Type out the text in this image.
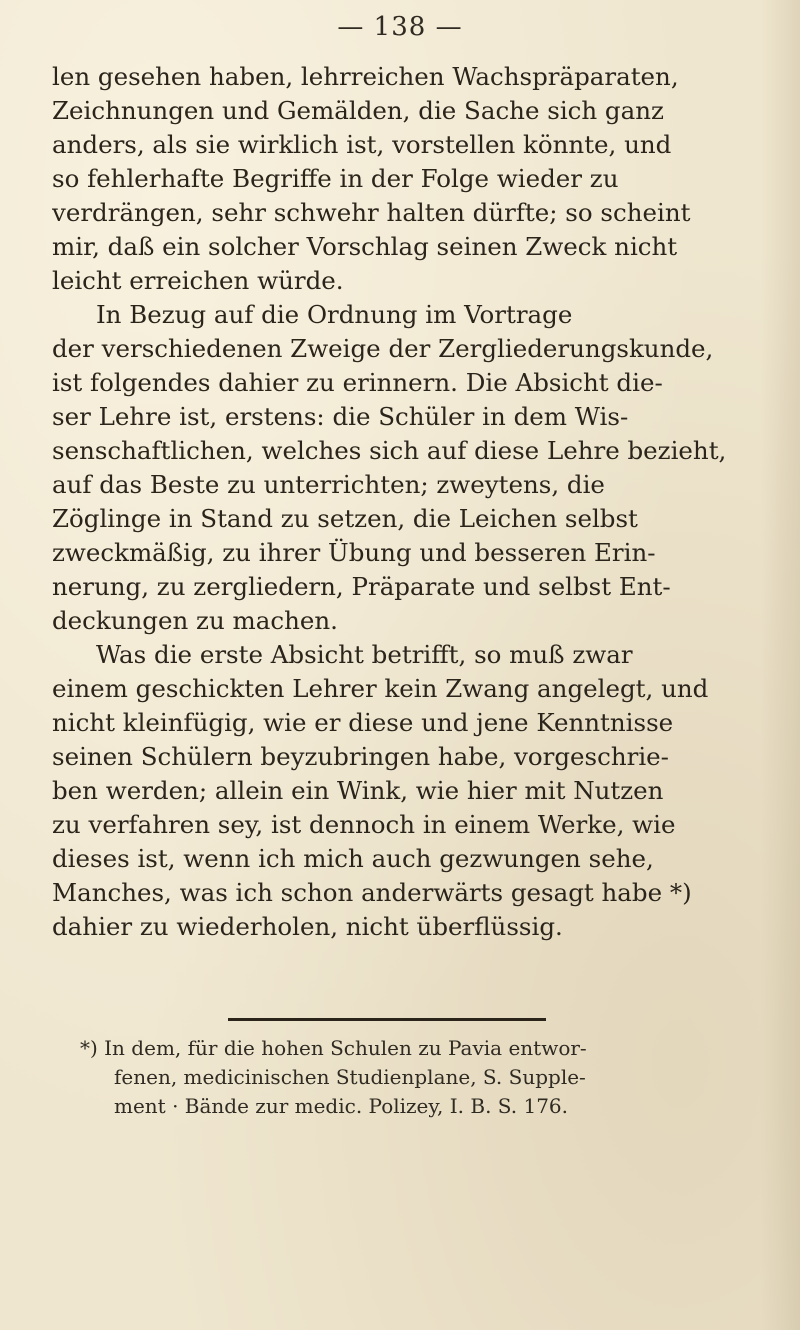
— 138 —

len gesehen haben, lehrreichen Wachspräparaten,
Zeichnungen und Gemälden, die Sache sich ganz
anders, als sie wirklich ist, vorstellen könnte, und
so fehlerhafte Begriffe in der Folge wieder zu
verdrängen, sehr schwehr halten dürfte; so scheint
mir, daß ein solcher Vorschlag seinen Zweck nicht
leicht erreichen würde.

In Bezug auf die Ordnung im Vortrage
der verschiedenen Zweige der Zergliederungskunde,
ist folgendes dahier zu erinnern. Die Absicht die-
ser Lehre ist, erstens: die Schüler in dem Wis-
senschaftlichen, welches sich auf diese Lehre bezieht,
auf das Beste zu unterrichten; zweytens, die
Zöglinge in Stand zu setzen, die Leichen selbst
zweckmäßig, zu ihrer Übung und besseren Erin-
nerung, zu zergliedern, Präparate und selbst Ent-
deckungen zu machen.

Was die erste Absicht betrifft, so muß zwar
einem geschickten Lehrer kein Zwang angelegt, und
nicht kleinfügig, wie er diese und jene Kenntnisse
seinen Schülern beyzubringen habe, vorgeschrie-
ben werden; allein ein Wink, wie hier mit Nutzen
zu verfahren sey, ist dennoch in einem Werke, wie
dieses ist, wenn ich mich auch gezwungen sehe,
Manches, was ich schon anderwärts gesagt habe *)
dahier zu wiederholen, nicht überflüssig.

*) In dem, für die hohen Schulen zu Pavia entwor-
fenen, medicinischen Studienplane, S. Supple-
ment · Bände zur medic. Polizey, I. B. S. 176.
